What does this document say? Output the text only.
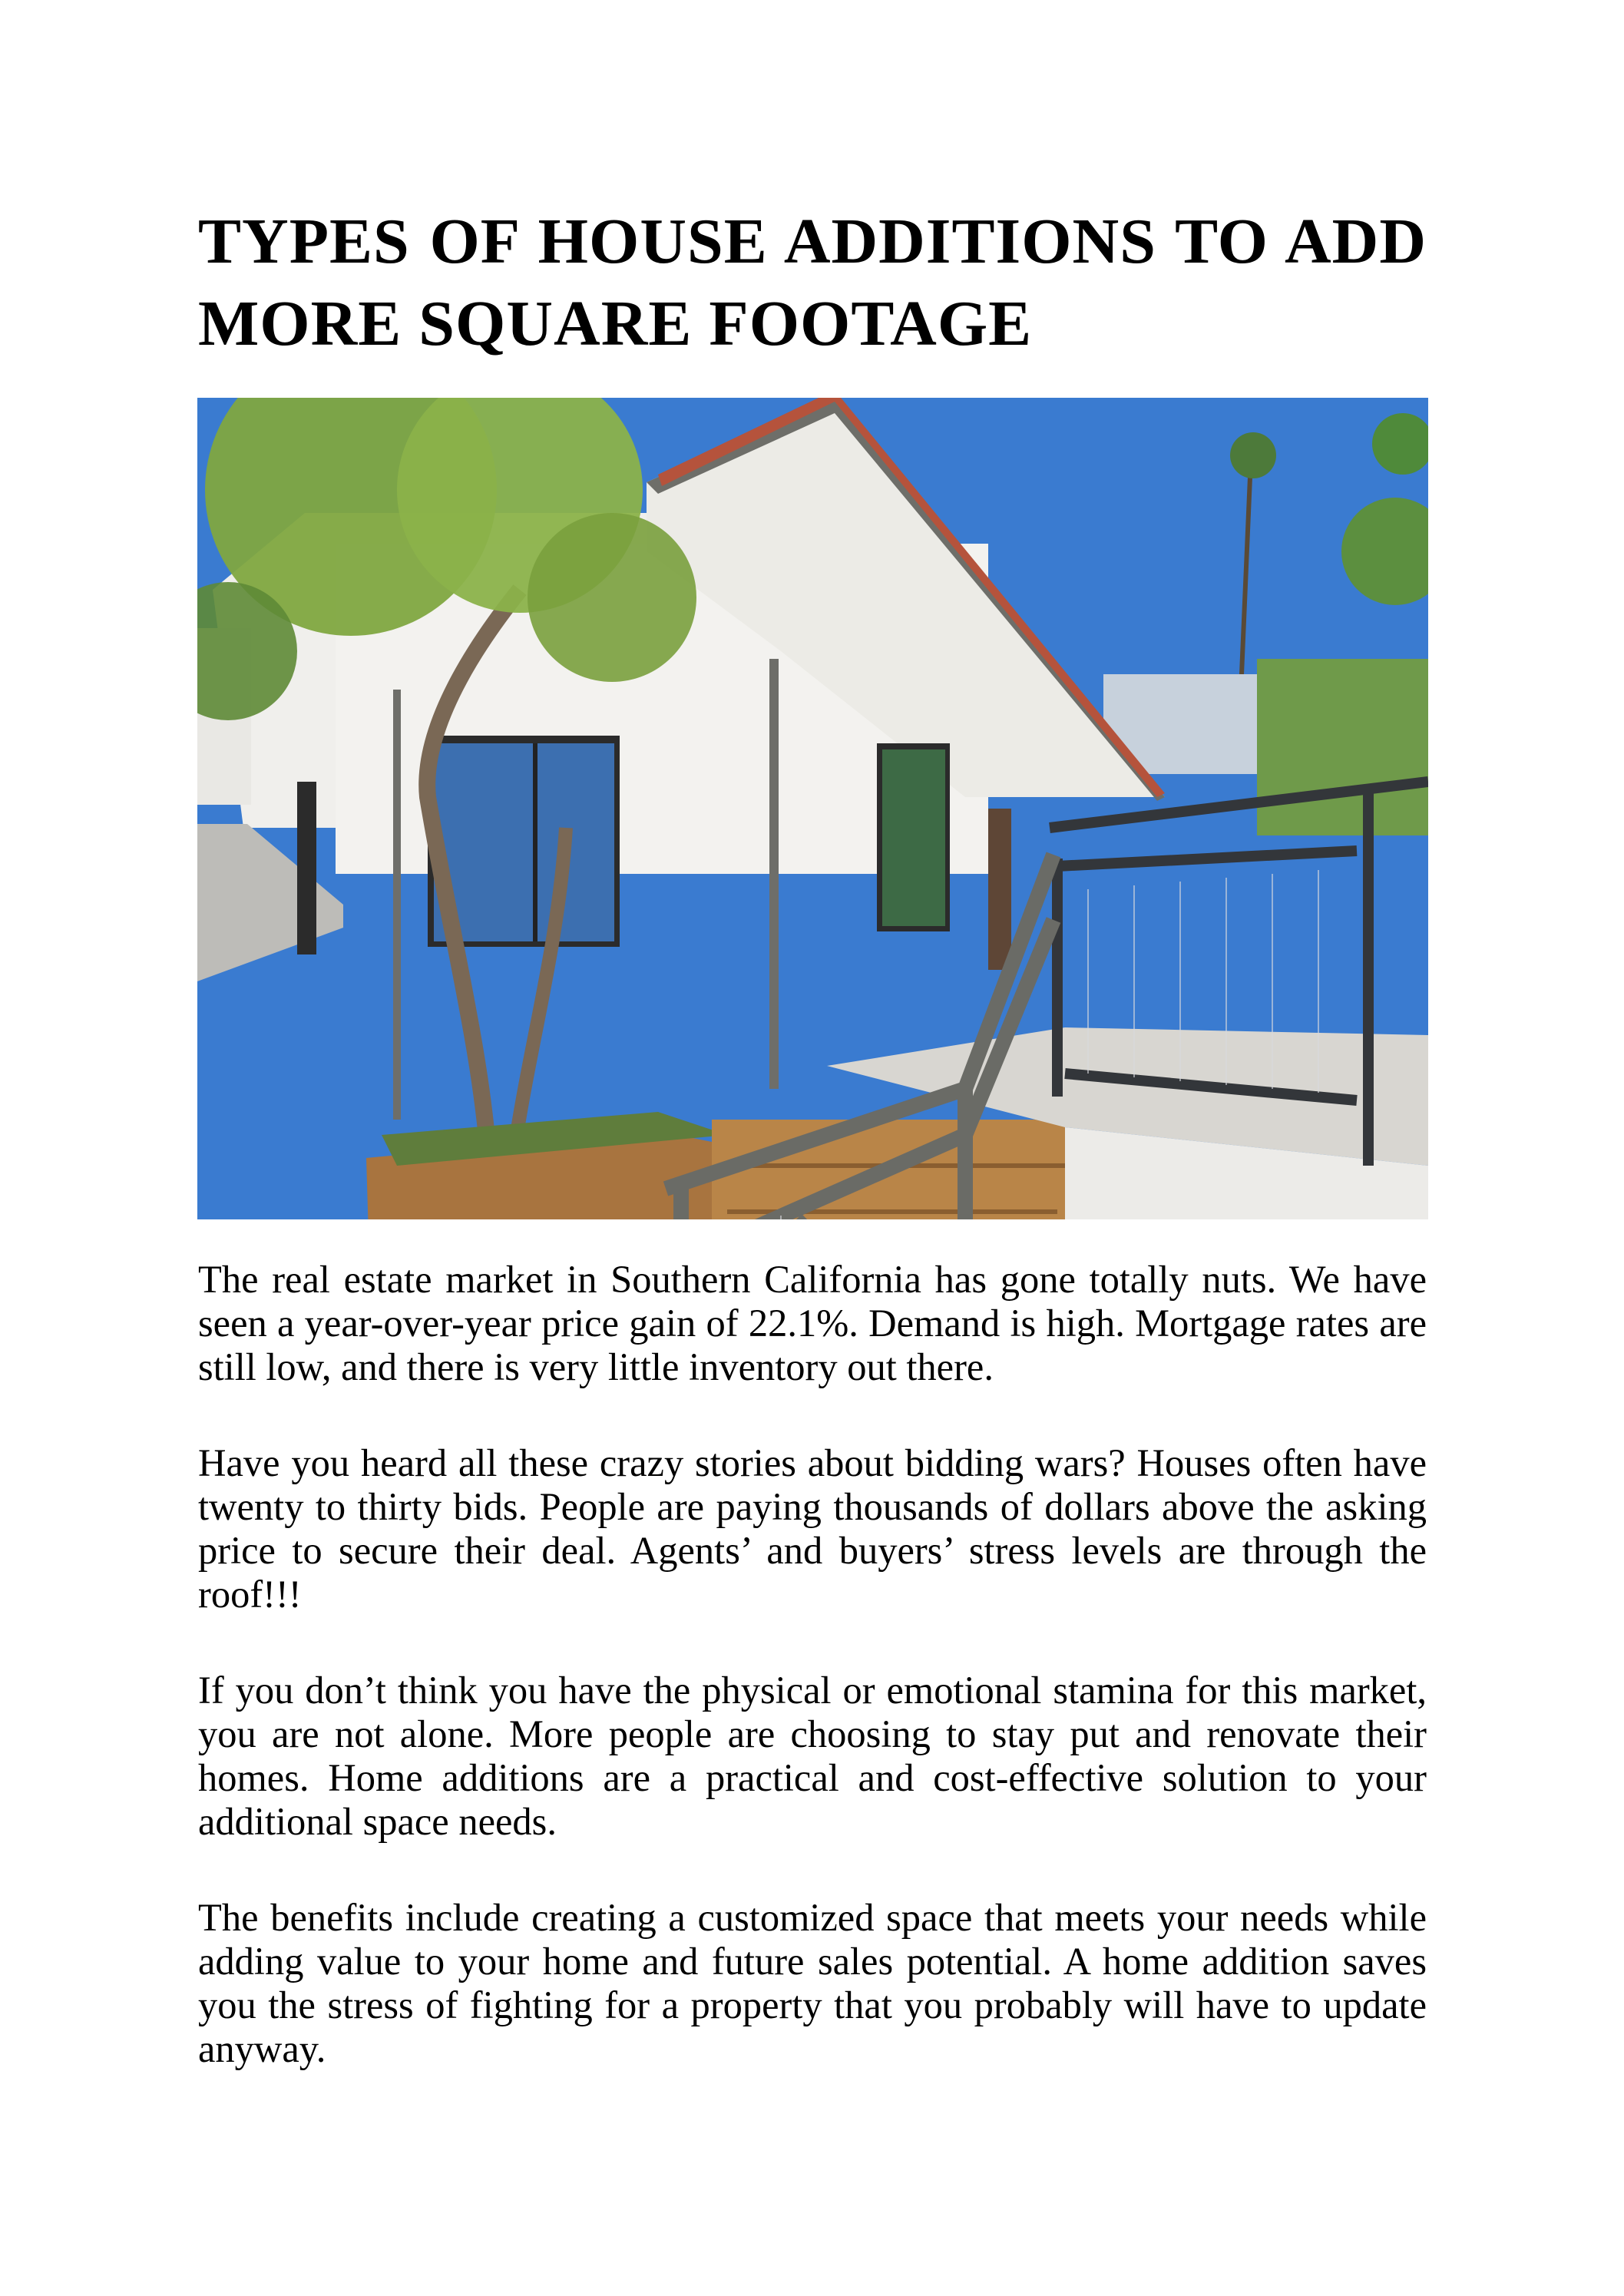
TYPES OF HOUSE ADDITIONS TO ADD MORE SQUARE FOOTAGE

The real estate market in Southern California has gone totally nuts. We have seen a year-over-year price gain of 22.1%. Demand is high. Mortgage rates are still low, and there is very little inventory out there.

Have you heard all these crazy stories about bidding wars? Houses often have twenty to thirty bids. People are paying thousands of dollars above the asking price to secure their deal. Agents’ and buyers’ stress levels are through the roof!!!

If you don’t think you have the physical or emotional stamina for this market, you are not alone. More people are choosing to stay put and renovate their homes. Home additions are a practical and cost-effective solution to your additional space needs.

The benefits include creating a customized space that meets your needs while adding value to your home and future sales potential. A home addition saves you the stress of fighting for a property that you probably will have to update anyway.
